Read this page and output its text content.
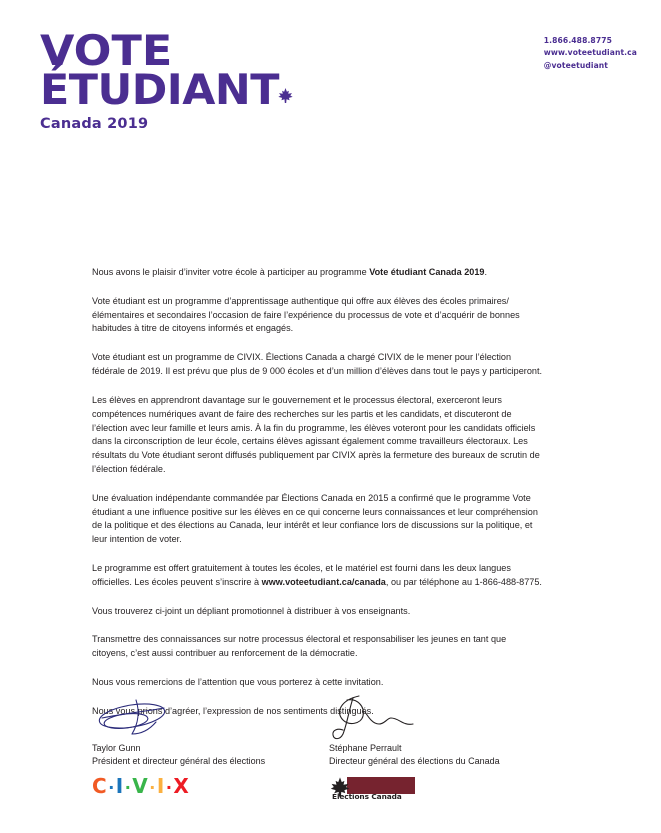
VOTE
ÉTUDIANT
Canada 2019
1.866.488.8775
www.voteetudiant.ca
@voteetudiant

Nous avons le plaisir d’inviter votre école à participer au programme Vote étudiant Canada 2019.

Vote étudiant est un programme d’apprentissage authentique qui offre aux élèves des écoles primaires/élémentaires et secondaires l’occasion de faire l’expérience du processus de vote et d’acquérir de bonnes habitudes à titre de citoyens informés et engagés.

Vote étudiant est un programme de CIVIX. Élections Canada a chargé CIVIX de le mener pour l’élection fédérale de 2019. Il est prévu que plus de 9 000 écoles et d’un million d’élèves dans tout le pays y participeront.

Les élèves en apprendront davantage sur le gouvernement et le processus électoral, exerceront leurs compétences numériques avant de faire des recherches sur les partis et les candidats, et discuteront de l’élection avec leur famille et leurs amis. À la fin du programme, les élèves voteront pour les candidats officiels dans la circonscription de leur école, certains élèves agissant également comme travailleurs électoraux. Les résultats du Vote étudiant seront diffusés publiquement par CIVIX après la fermeture des bureaux de scrutin de l’élection fédérale.

Une évaluation indépendante commandée par Élections Canada en 2015 a confirmé que le programme Vote étudiant a une influence positive sur les élèves en ce qui concerne leurs connaissances et leur compréhension de la politique et des élections au Canada, leur intérêt et leur confiance lors de discussions sur la politique, et leur intention de voter.

Le programme est offert gratuitement à toutes les écoles, et le matériel est fourni dans les deux langues officielles. Les écoles peuvent s’inscrire à www.voteetudiant.ca/canada, ou par téléphone au 1-866-488-8775.

Vous trouverez ci-joint un dépliant promotionnel à distribuer à vos enseignants.

Transmettre des connaissances sur notre processus électoral et responsabiliser les jeunes en tant que citoyens, c’est aussi contribuer au renforcement de la démocratie.

Nous vous remercions de l’attention que vous porterez à cette invitation.

Nous vous prions d’agréer, l’expression de nos sentiments distingués.

Taylor Gunn
Président et directeur général des élections
C·I·V·I·X
Stéphane Perrault
Directeur général des élections du Canada
Élections Canada
